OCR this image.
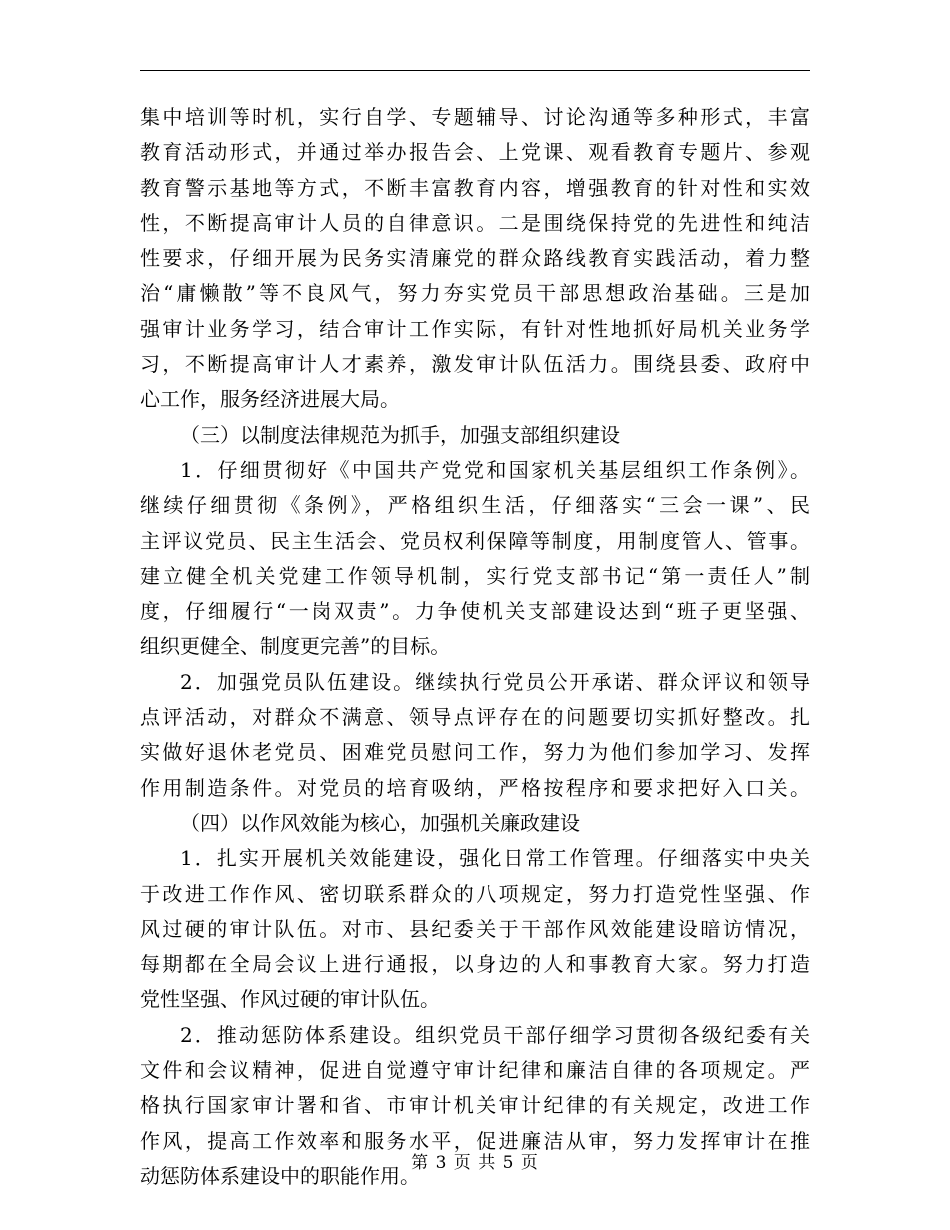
集中培训等时机，实行自学、专题辅导、讨论沟通等多种形式，丰富
教育活动形式，并通过举办报告会、上党课、观看教育专题片、参观
教育警示基地等方式，不断丰富教育内容，增强教育的针对性和实效
性，不断提高审计人员的自律意识。二是围绕保持党的先进性和纯洁
性要求，仔细开展为民务实清廉党的群众路线教育实践活动，着力整
治“庸懒散”等不良风气，努力夯实党员干部思想政治基础。三是加
强审计业务学习，结合审计工作实际，有针对性地抓好局机关业务学
习，不断提高审计人才素养，激发审计队伍活力。围绕县委、政府中
心工作，服务经济进展大局。
（三）以制度法律规范为抓手，加强支部组织建设
1．仔细贯彻好《中国共产党党和国家机关基层组织工作条例》。
继续仔细贯彻《条例》，严格组织生活，仔细落实“三会一课”、民
主评议党员、民主生活会、党员权利保障等制度，用制度管人、管事。
建立健全机关党建工作领导机制，实行党支部书记“第一责任人”制
度，仔细履行“一岗双责”。力争使机关支部建设达到“班子更坚强、
组织更健全、制度更完善”的目标。
2．加强党员队伍建设。继续执行党员公开承诺、群众评议和领导
点评活动，对群众不满意、领导点评存在的问题要切实抓好整改。扎
实做好退休老党员、困难党员慰问工作，努力为他们参加学习、发挥
作用制造条件。对党员的培育吸纳，严格按程序和要求把好入口关。
（四）以作风效能为核心，加强机关廉政建设
1．扎实开展机关效能建设，强化日常工作管理。仔细落实中央关
于改进工作作风、密切联系群众的八项规定，努力打造党性坚强、作
风过硬的审计队伍。对市、县纪委关于干部作风效能建设暗访情况，
每期都在全局会议上进行通报，以身边的人和事教育大家。努力打造
党性坚强、作风过硬的审计队伍。
2．推动惩防体系建设。组织党员干部仔细学习贯彻各级纪委有关
文件和会议精神，促进自觉遵守审计纪律和廉洁自律的各项规定。严
格执行国家审计署和省、市审计机关审计纪律的有关规定，改进工作
作风，提高工作效率和服务水平，促进廉洁从审，努力发挥审计在推
动惩防体系建设中的职能作用。
第 3 页 共 5 页
